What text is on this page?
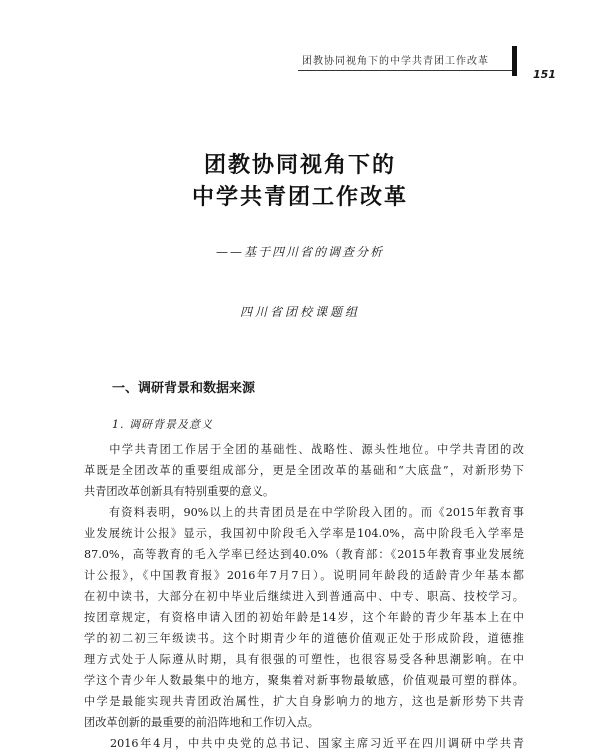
团教协同视角下的中学共青团工作改革
151
团教协同视角下的
中学共青团工作改革
——基于四川省的调查分析
四川省团校课题组
一、调研背景和数据来源
1. 调研背景及意义
　　中学共青团工作居于全团的基础性、战略性、源头性地位。中学共青团的改
革既是全团改革的重要组成部分，更是全团改革的基础和“大底盘”，对新形势下
共青团改革创新具有特别重要的意义。
　　有资料表明，90%以上的共青团员是在中学阶段入团的。而《2015年教育事
业发展统计公报》显示，我国初中阶段毛入学率是104.0%，高中阶段毛入学率是
87.0%，高等教育的毛入学率已经达到40.0%（教育部：《2015年教育事业发展统
计公报》，《中国教育报》2016年7月7日）。说明同年龄段的适龄青少年基本都
在初中读书，大部分在初中毕业后继续进入到普通高中、中专、职高、技校学习。
按团章规定，有资格申请入团的初始年龄是14岁，这个年龄的青少年基本上在中
学的初二初三年级读书。这个时期青少年的道德价值观正处于形成阶段，道德推
理方式处于人际遵从时期，具有很强的可塑性，也很容易受各种思潮影响。在中
学这个青少年人数最集中的地方，聚集着对新事物最敏感，价值观最可塑的群体。
中学是最能实现共青团政治属性，扩大自身影响力的地方，这也是新形势下共青
团改革创新的最重要的前沿阵地和工作切入点。
　　2016年4月，中共中央党的总书记、国家主席习近平在四川调研中学共青
